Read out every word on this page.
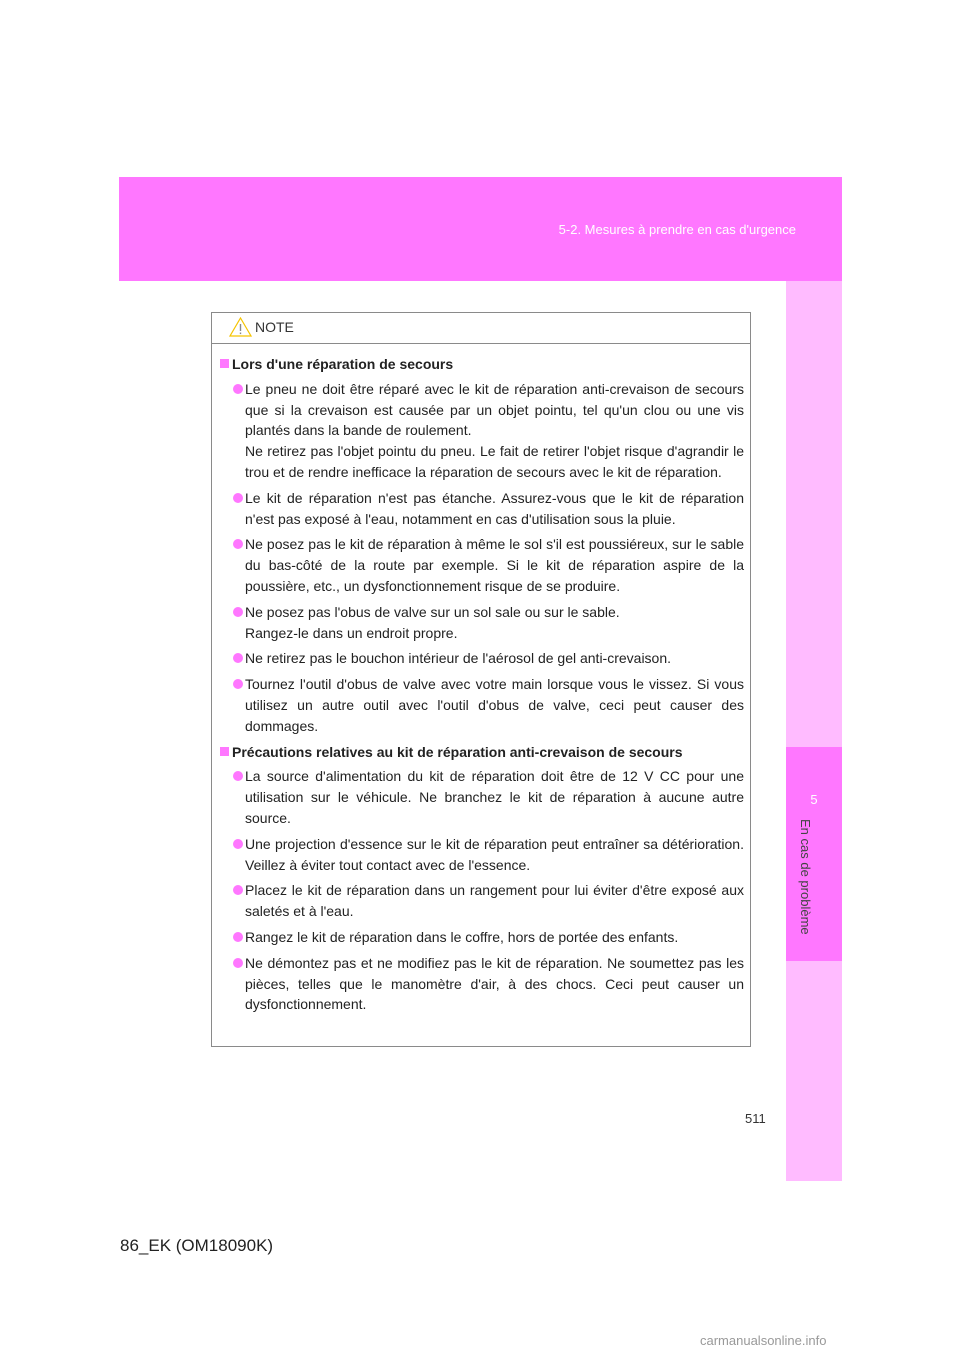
5-2. Mesures à prendre en cas d'urgence
5
En cas de problème
NOTE
Lors d'une réparation de secours
Le pneu ne doit être réparé avec le kit de réparation anti-crevaison de secours que si la crevaison est causée par un objet pointu, tel qu'un clou ou une vis plantés dans la bande de roulement.
Ne retirez pas l'objet pointu du pneu. Le fait de retirer l'objet risque d'agrandir le trou et de rendre inefficace la réparation de secours avec le kit de réparation.
Le kit de réparation n'est pas étanche. Assurez-vous que le kit de réparation n'est pas exposé à l'eau, notamment en cas d'utilisation sous la pluie.
Ne posez pas le kit de réparation à même le sol s'il est poussiéreux, sur le sable du bas-côté de la route par exemple. Si le kit de réparation aspire de la poussière, etc., un dysfonctionnement risque de se produire.
Ne posez pas l'obus de valve sur un sol sale ou sur le sable.
Rangez-le dans un endroit propre.
Ne retirez pas le bouchon intérieur de l'aérosol de gel anti-crevaison.
Tournez l'outil d'obus de valve avec votre main lorsque vous le vissez. Si vous utilisez un autre outil avec l'outil d'obus de valve, ceci peut causer des dommages.
Précautions relatives au kit de réparation anti-crevaison de secours
La source d'alimentation du kit de réparation doit être de 12 V CC pour une utilisation sur le véhicule. Ne branchez le kit de réparation à aucune autre source.
Une projection d'essence sur le kit de réparation peut entraîner sa détérioration. Veillez à éviter tout contact avec de l'essence.
Placez le kit de réparation dans un rangement pour lui éviter d'être exposé aux saletés et à l'eau.
Rangez le kit de réparation dans le coffre, hors de portée des enfants.
Ne démontez pas et ne modifiez pas le kit de réparation. Ne soumettez pas les pièces, telles que le manomètre d'air, à des chocs. Ceci peut causer un dysfonctionnement.
511
86_EK (OM18090K)
carmanualsonline.info
